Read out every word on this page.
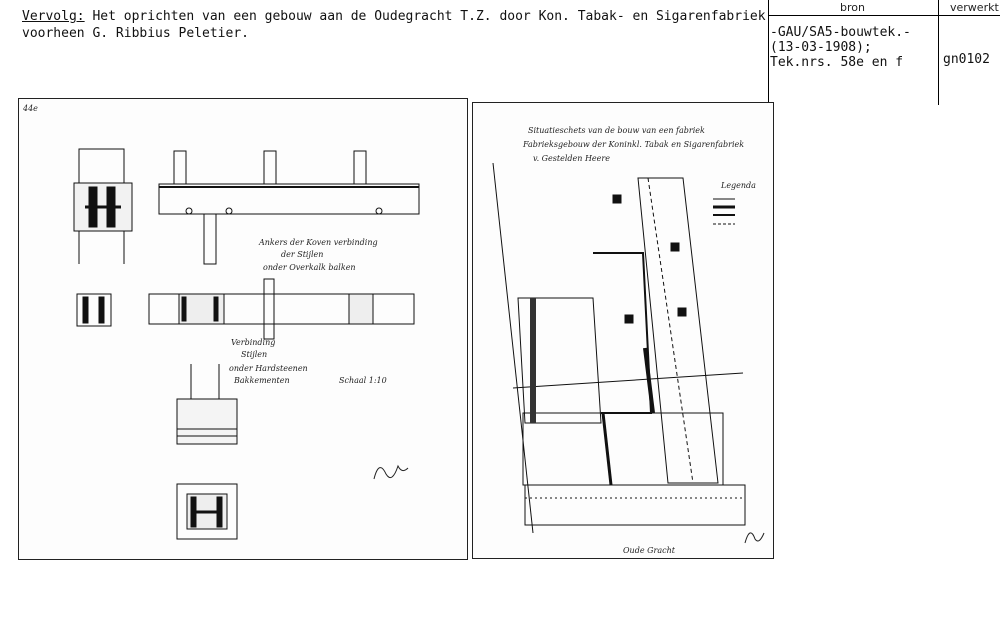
Vervolg: Het oprichten van een gebouw aan de Oudegracht T.Z. door Kon. Tabak- en Sigarenfabriek
voorheen G. Ribbius Peletier.
bron	verwerkt
-GAU/SA5-bouwtek.-
(13-03-1908);
Tek.nrs. 58e en f	gn0102
44e
Ankers der Koven verbinding
der Stijlen
onder Overkalk balken
Verbinding
Stijlen
onder Hardsteenen
Bakkementen	Schaal 1:10
Situatieschets van de bouw van een fabriek
Fabrieksgebouw der Koninkl. Tabak en Sigarenfabriek
v. Gestelden Heere
Legenda
Oude Gracht
